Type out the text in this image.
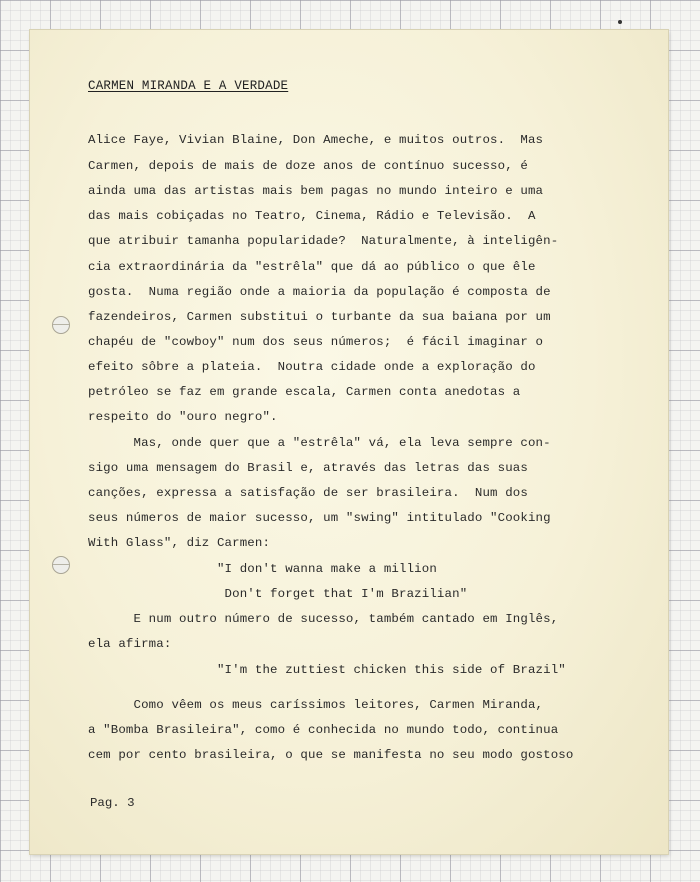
CARMEN MIRANDA E A VERDADE
Alice Faye, Vivian Blaine, Don Ameche, e muitos outros.  Mas
Carmen, depois de mais de doze anos de contínuo sucesso, é
ainda uma das artistas mais bem pagas no mundo inteiro e uma
das mais cobiçadas no Teatro, Cinema, Rádio e Televisão.  A
que atribuir tamanha popularidade?  Naturalmente, à inteligên-
cia extraordinária da "estrêla" que dá ao público o que êle
gosta.  Numa região onde a maioria da população é composta de
fazendeiros, Carmen substitui o turbante da sua baiana por um
chapéu de "cowboy" num dos seus números;  é fácil imaginar o
efeito sôbre a plateia.  Noutra cidade onde a exploração do
petróleo se faz em grande escala, Carmen conta anedotas a
respeito do "ouro negro".
Mas, onde quer que a "estrêla" vá, ela leva sempre con-
sigo uma mensagem do Brasil e, através das letras das suas
canções, expressa a satisfação de ser brasileira.  Num dos
seus números de maior sucesso, um "swing" intitulado "Cooking
With Glass", diz Carmen:
"I don't wanna make a million
Don't forget that I'm Brazilian"
E num outro número de sucesso, também cantado em Inglês,
ela afirma:
"I'm the zuttiest chicken this side of Brazil"
Como vêem os meus caríssimos leitores, Carmen Miranda,
a "Bomba Brasileira", como é conhecida no mundo todo, continua
cem por cento brasileira, o que se manifesta no seu modo gostoso
Pag. 3
